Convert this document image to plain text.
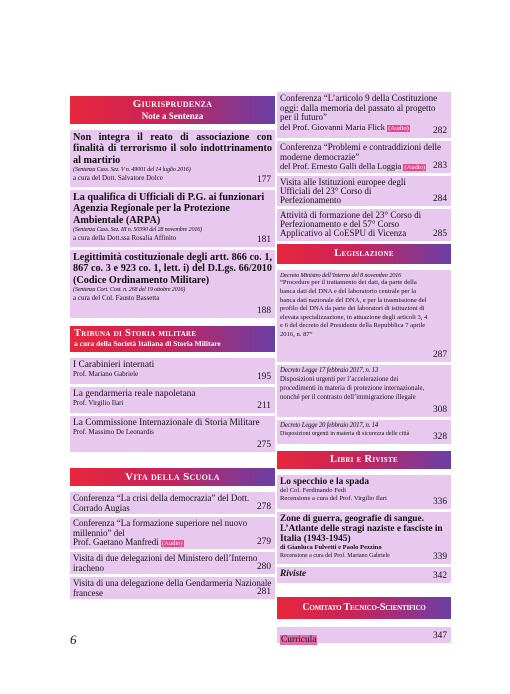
Giurisprudenza
Note a Sentenza
Non integra il reato di associazione con finalità di terrorismo il solo indottrinamento al martirio
(Sentenza Cass. Sez. V n. 49001 del 14 luglio 2016)
a cura del Dott. Salvatore Dolce	177
La qualifica di Ufficiali di P.G. ai funzionari Agenzia Regionale per la Protezione Ambientale (ARPA)
(Sentenza Cass. Sez. III n. 50390 del 28 novembre 2016)
a cura della Dott.ssa Rosalia Affinito	181
Legittimità costituzionale degli artt. 866 co. 1, 867 co. 3 e 923 co. 1, lett. i) del D.Lgs. 66/2010 (Codice Ordinamento Militare)
(Sentenza Cort. Cost. n. 268 del 19 ottobre 2016)
a cura del Col. Fausto Bassetta
188
Tribuna di Storia militare
a cura della Società Italiana di Storia Militare
I Carabinieri internati
Prof. Mariano Gabriele	195
La gendarmeria reale napoletana
Prof. Virgilio Ilari	211
La Commissione Internazionale di Storia Militare
Prof. Massimo De Leonardis
275
Vita della Scuola
Conferenza “La crisi della democrazia” del Dott. Corrado Augias	278
Conferenza “La formazione superiore nel nuovo millennio” del
Prof. Gaetano Manfredi (Audio)	279
Visita di due delegazioni del Ministero dell’Interno iracheno	280
Visita di una delegazione della Gendarmeria Nazionale francese	281
Conferenza “L’articolo 9 della Costituzione oggi: dalla memoria del passato al progetto per il futuro”
del Prof. Giovanni Maria Flick (Audio)	282
Conferenza “Problemi e contraddizioni delle moderne democrazie”
del Prof. Ernesto Galli della Loggia (Audio) 283
Visita alle Istituzioni europee degli Ufficiali del 23° Corso di Perfezionamento	284
Attività di formazione del 23° Corso di Perfezionamento e del 57° Corso Applicativo al CoESPU di Vicenza	285
Legislazione
Decreto Ministro dell’Interno del 8 novembre 2016
“Procedure per il trattamento dei dati, da parte della banca dati del DNA e del laboratorio centrale per la banca dati nazionale del DNA, e per la trasmissione del profilo del DNA da parte dei laboratori di istituzioni di elevata specializzazione, in attuazione degli articoli 3, 4 e 6 del decreto del Presidente della Repubblica 7 aprile 2016, n. 87”
287
Decreto Legge 17 febbraio 2017, n. 13
Disposizioni urgenti per l’accelerazione dei procedimenti in materia di protezione internazionale, nonché per il contrasto dell’immigrazione illegale
308
Decreto Legge 20 febbraio 2017, n. 14
Disposizioni urgenti in materia di sicurezza delle città	328
Libri e Riviste
Lo specchio e la spada
del Col. Ferdinando Fedi
Recensione a cura del Prof. Virgilio Ilari	336
Zone di guerra, geografie di sangue. L’Atlante delle stragi naziste e fasciste in Italia (1943-1945)
di Gianluca Fulvetti e Paolo Pezzino
Recensione a cura del Prof. Mariano Gabriele	339
Riviste	342
Comitato Tecnico-Scientifico
Curricula	347
6
